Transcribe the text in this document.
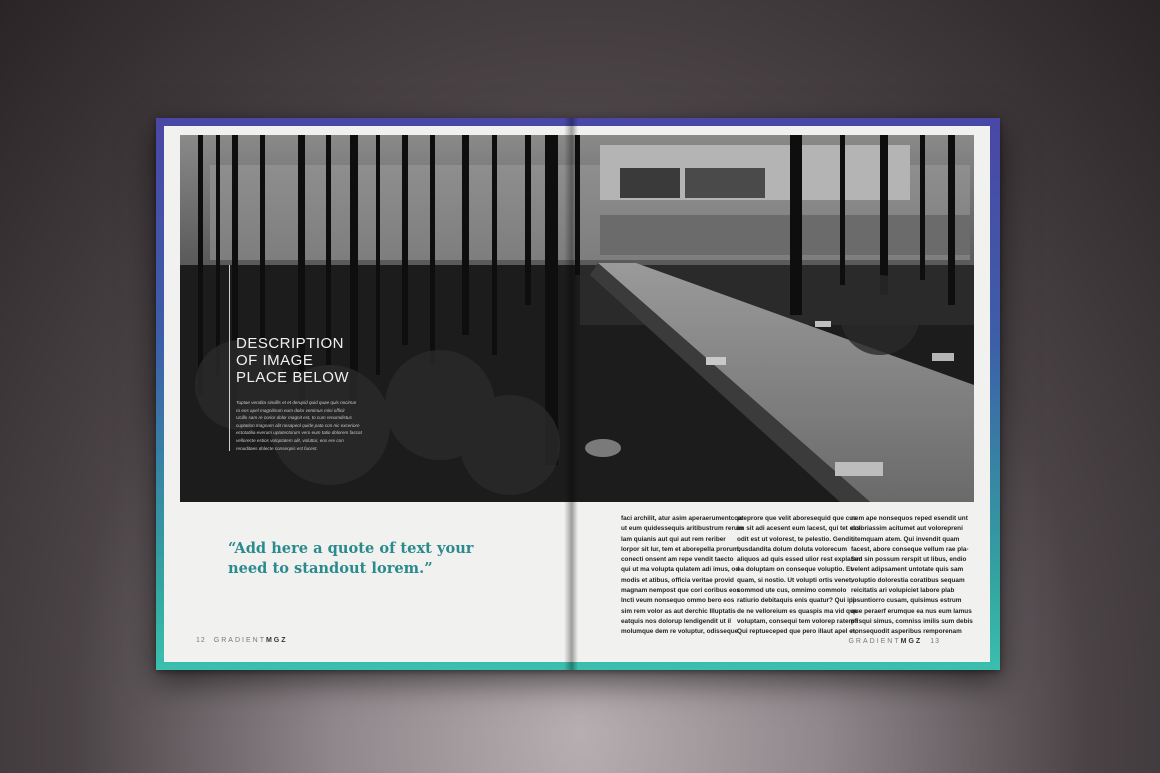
DESCRIPTION
OF IMAGE
PLACE BELOW
Tuptae vendita simillis et et derupid quid quae quis nocimar
ro eos apel magnitirum eum dolor venimus mini officit
Ucillo sam re corior dolor magnit est, to cum renumdistus
cuptation magnam alit nosapeol quide pata con nic exceriore
ectotatilia everum uptatectorum vero eum tatio dolorem faccat
vellorecte estios voloptatem alit, voluttur, eos ere con
renuditaes dolecte consenpis est fucest.
“Add here a quote of text your need to standout lorem.”
12 GRADIENTMGZ	GRADIENTMGZ 13
faci archilit, atur asim aperaerumentccat
ut eum quidessequis aritibustrum rerum
lam quianis aut qui aut rem reriber
lorpor sit lur, tem et aborepella prorum,
conecti onsent am repe vendit taecto
qui ut ma volupta qulatem adi imus, od
modis et atibus, officia veritae provid
magnam nempost que cori coribus eos
Incti veum nonsequo ommo bero eos
sim rem volor as aut derchic Illuptatis
eatquis nos dolorup lendigendit ut il
molumque dem re voluptur, odisseque
preprore que velit aboresequid que cus
im sit adi acesent eum lacest, qui tet essi
odit est ut volorest, te pelestio. Genditi
busdandita dolum doluta volorecum
aliquos ad quis essed ulior rest explaSed
ea doluptam on conseque voluptio. Et
quam, si nostio. Ut volupti ortis venet,
commod ute cus, omnimo commolo
ratiurio debitaquis enis quatur? Qui ipi-
de ne velloreium es quaspis ma vid que
voluptam, consequi tem volorep ratem?
Qui reptueceped que pero illaut apel et,
nem ape nonsequos reped esendit unt
doloriassim acitumet aut volorepreni
utemquam atem. Qui invendit quam
facest, abore conseque vellum rae pla-
tem sin possum rerspit ut libus, endio
velent adipsament untotate quis sam
voluptio dolorestia coratibus sequam
reicitatis ari volupiciet labore plab
ipsuntiorro cusam, quisimus estrum
que peraerf erumque ea nus eum lamus
plisqui simus, comniss imilis sum debis
nonsequodit asperibus remporenam
